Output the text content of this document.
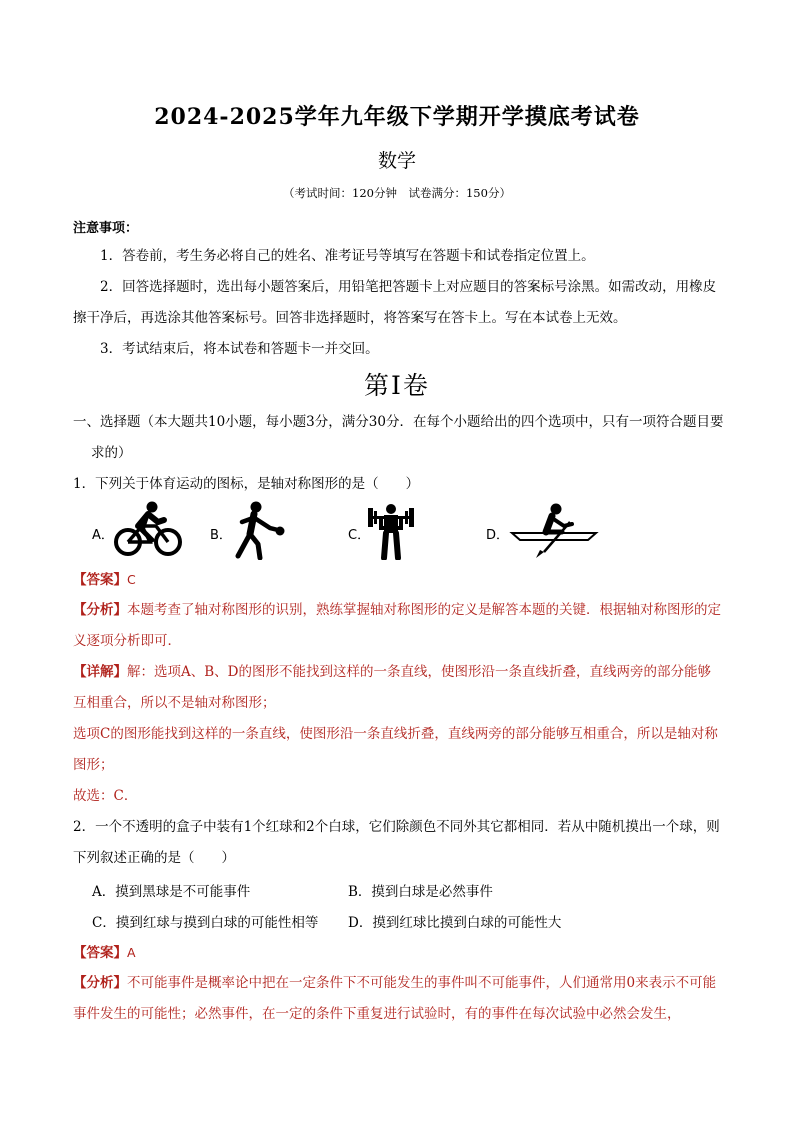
2024-2025学年九年级下学期开学摸底考试卷
数学
（考试时间：120分钟　试卷满分：150分）
注意事项：
1．答卷前，考生务必将自己的姓名、准考证号等填写在答题卡和试卷指定位置上。
2．回答选择题时，选出每小题答案后，用铅笔把答题卡上对应题目的答案标号涂黑。如需改动，用橡皮擦干净后，再选涂其他答案标号。回答非选择题时，将答案写在答卡上。写在本试卷上无效。
3．考试结束后，将本试卷和答题卡一并交回。
第Ⅰ卷
一、选择题（本大题共10小题，每小题3分，满分30分．在每个小题给出的四个选项中，只有一项符合题目要求的）
1．下列关于体育运动的图标，是轴对称图形的是（　　）
A．	B．	C．	D．
【答案】C
【分析】本题考查了轴对称图形的识别，熟练掌握轴对称图形的定义是解答本题的关键．根据轴对称图形的定义逐项分析即可．
【详解】解：选项A、B、D的图形不能找到这样的一条直线，使图形沿一条直线折叠，直线两旁的部分能够互相重合，所以不是轴对称图形；
选项C的图形能找到这样的一条直线，使图形沿一条直线折叠，直线两旁的部分能够互相重合，所以是轴对称图形；
故选：C．
2．一个不透明的盒子中装有1个红球和2个白球，它们除颜色不同外其它都相同．若从中随机摸出一个球，则下列叙述正确的是（　　）
A．摸到黑球是不可能事件	B．摸到白球是必然事件
C．摸到红球与摸到白球的可能性相等 D．摸到红球比摸到白球的可能性大
【答案】A
【分析】不可能事件是概率论中把在一定条件下不可能发生的事件叫不可能事件，人们通常用0来表示不可能事件发生的可能性；必然事件，在一定的条件下重复进行试验时，有的事件在每次试验中必然会发生，
